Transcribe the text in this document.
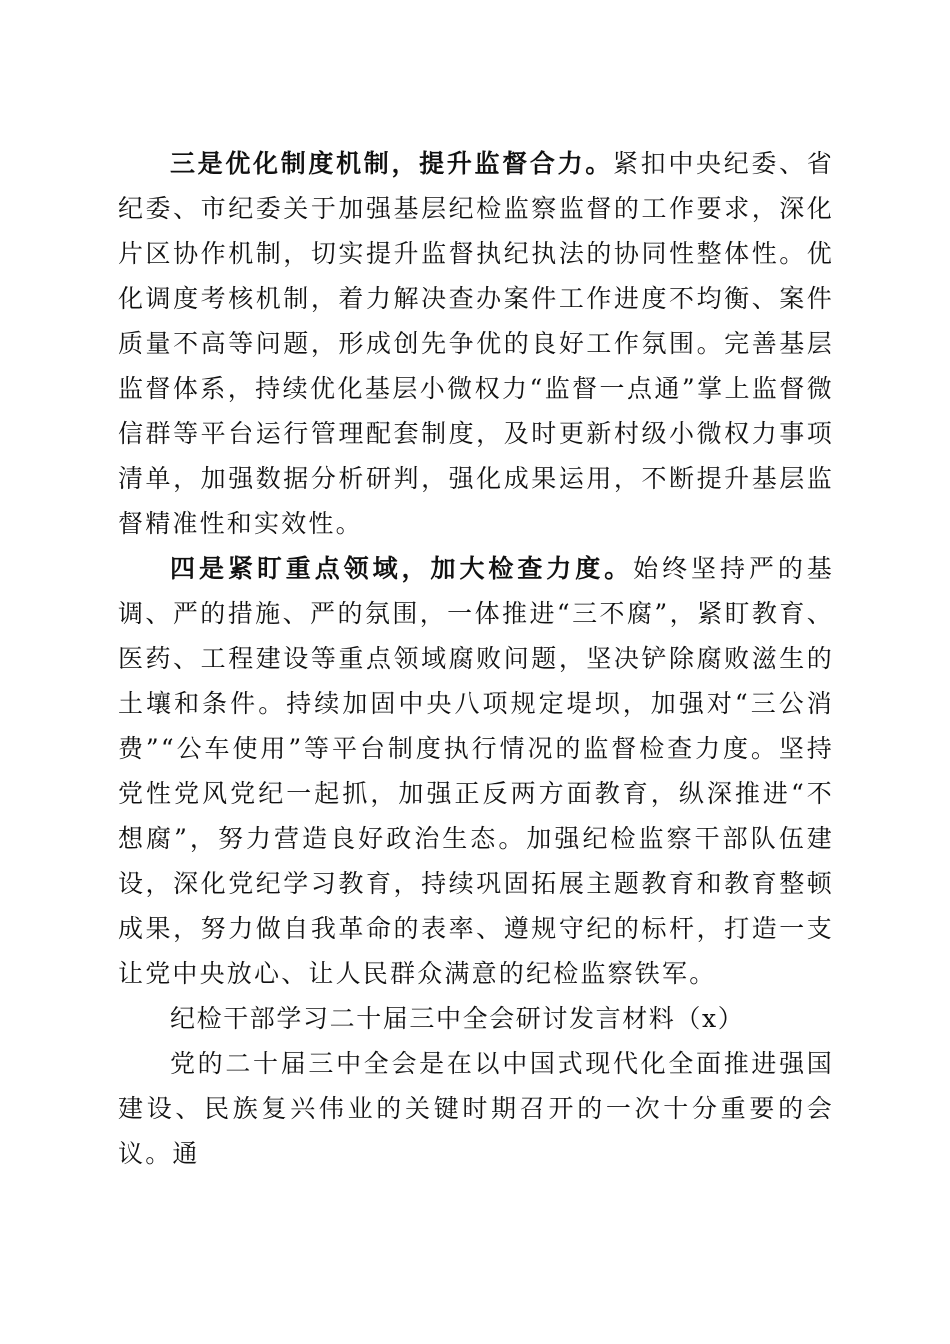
三是优化制度机制，提升监督合力。紧扣中央纪委、省纪委、市纪委关于加强基层纪检监察监督的工作要求，深化片区协作机制，切实提升监督执纪执法的协同性整体性。优化调度考核机制，着力解决查办案件工作进度不均衡、案件质量不高等问题，形成创先争优的良好工作氛围。完善基层监督体系，持续优化基层小微权力“监督一点通”掌上监督微信群等平台运行管理配套制度，及时更新村级小微权力事项清单，加强数据分析研判，强化成果运用，不断提升基层监督精准性和实效性。

四是紧盯重点领域，加大检查力度。始终坚持严的基调、严的措施、严的氛围，一体推进“三不腐”，紧盯教育、医药、工程建设等重点领域腐败问题，坚决铲除腐败滋生的土壤和条件。持续加固中央八项规定堤坝，加强对“三公消费”“公车使用”等平台制度执行情况的监督检查力度。坚持党性党风党纪一起抓，加强正反两方面教育，纵深推进“不想腐”，努力营造良好政治生态。加强纪检监察干部队伍建设，深化党纪学习教育，持续巩固拓展主题教育和教育整顿成果，努力做自我革命的表率、遵规守纪的标杆，打造一支让党中央放心、让人民群众满意的纪检监察铁军。

纪检干部学习二十届三中全会研讨发言材料（x）

党的二十届三中全会是在以中国式现代化全面推进强国建设、民族复兴伟业的关键时期召开的一次十分重要的会议。通
